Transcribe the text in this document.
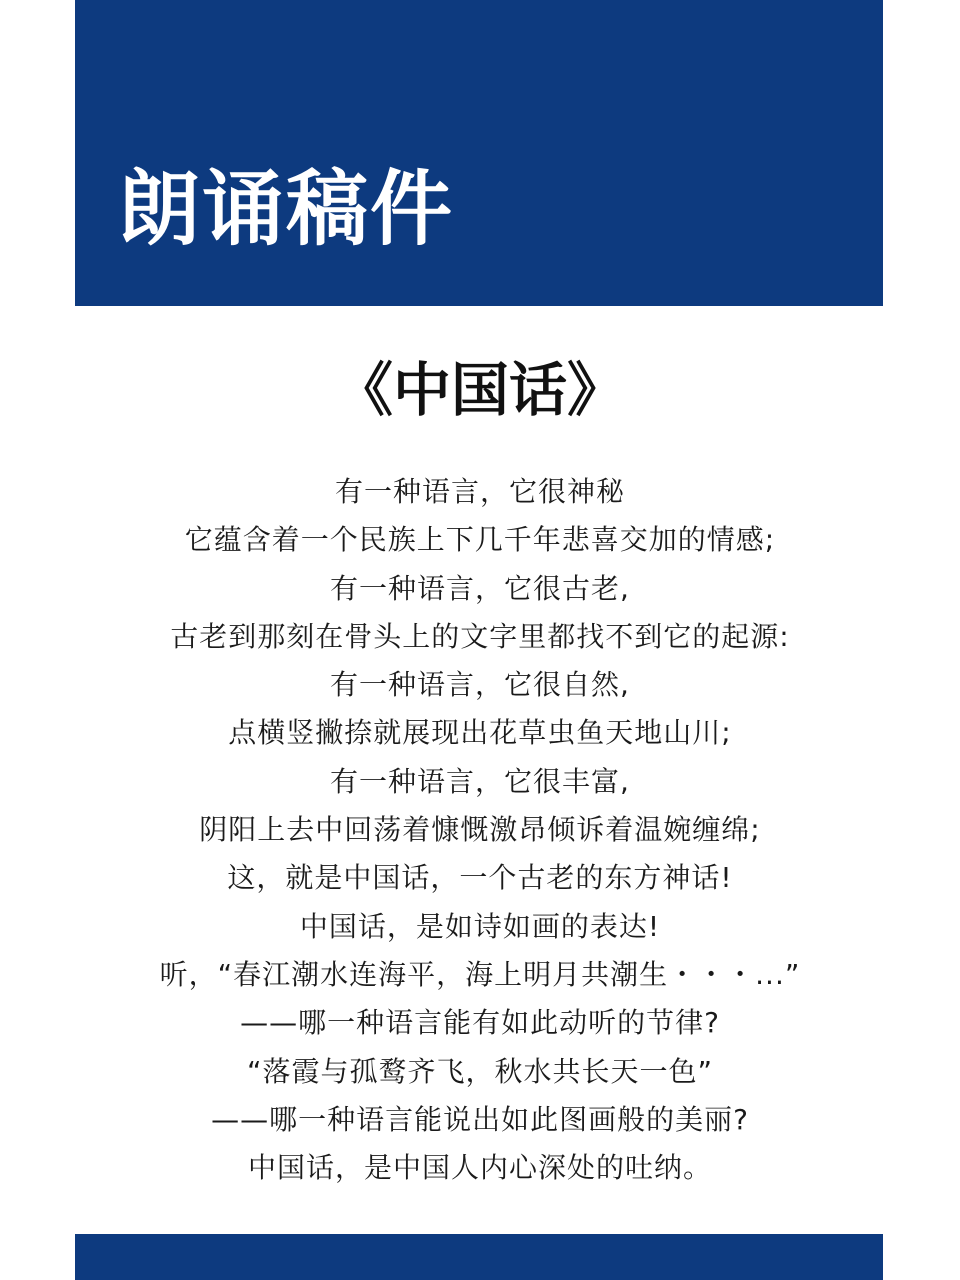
朗诵稿件
《中国话》
有一种语言，它很神秘
它蕴含着一个民族上下几千年悲喜交加的情感;
有一种语言，它很古老,
古老到那刻在骨头上的文字里都找不到它的起源:
有一种语言，它很自然,
点横竖撇捺就展现出花草虫鱼天地山川;
有一种语言，它很丰富,
阴阳上去中回荡着慷慨激昂倾诉着温婉缠绵;
这，就是中国话，一个古老的东方神话!
中国话，是如诗如画的表达!
听，“春江潮水连海平，海上明月共潮生・・・...”
——哪一种语言能有如此动听的节律?
“落霞与孤鹜齐飞，秋水共长天一色”
——哪一种语言能说出如此图画般的美丽?
中国话，是中国人内心深处的吐纳。
